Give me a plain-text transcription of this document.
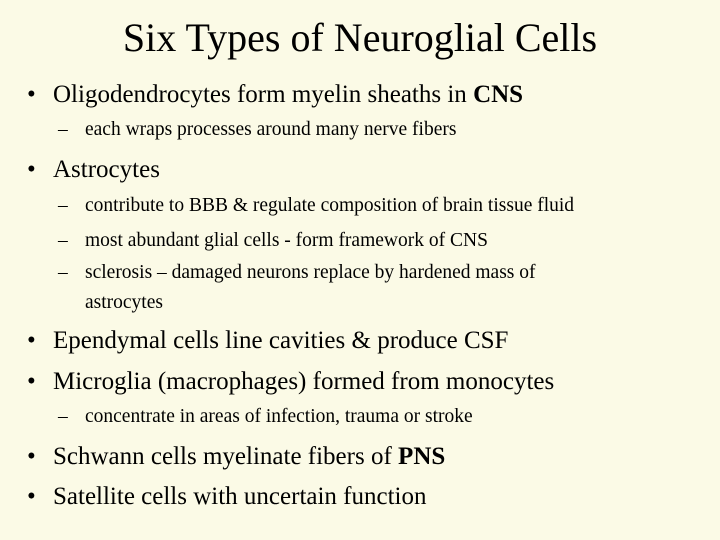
Six Types of Neuroglial Cells
• Oligodendrocytes form myelin sheaths in CNS
– each wraps processes around many nerve fibers
• Astrocytes
– contribute to BBB & regulate composition of brain tissue fluid
– most abundant glial cells - form framework of CNS
– sclerosis – damaged neurons replace by hardened mass of
astrocytes
• Ependymal cells line cavities & produce CSF
• Microglia (macrophages) formed from monocytes
– concentrate in areas of infection, trauma or stroke
• Schwann cells myelinate fibers of PNS
• Satellite cells with uncertain function
